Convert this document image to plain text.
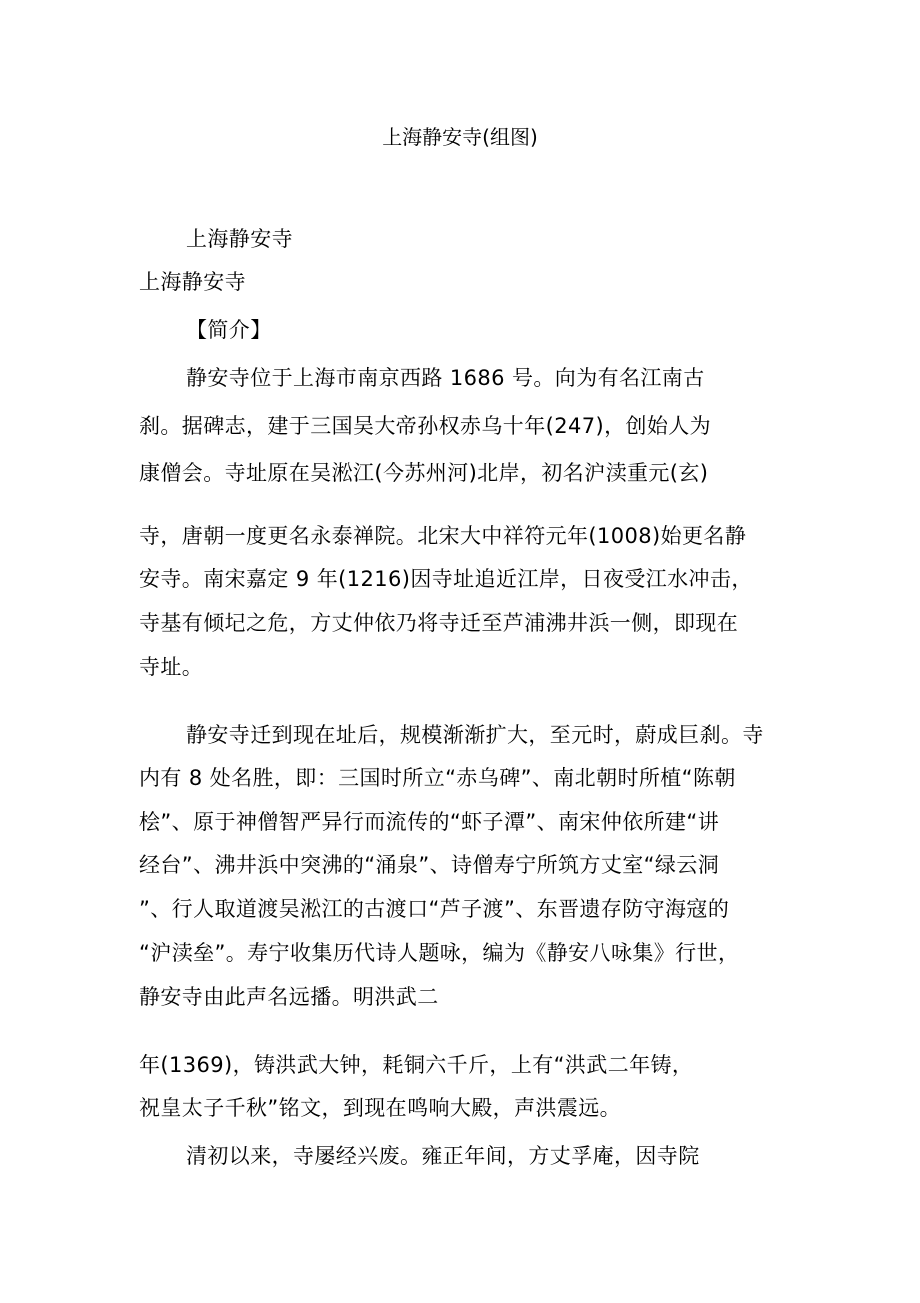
上海静安寺(组图)
上海静安寺
上海静安寺
【简介】
静安寺位于上海市南京西路 1686 号。向为有名江南古
刹。据碑志，建于三国吴大帝孙权赤乌十年(247)，创始人为
康僧会。寺址原在吴淞江(今苏州河)北岸，初名沪渎重元(玄)
寺，唐朝一度更名永泰禅院。北宋大中祥符元年(1008)始更名静
安寺。南宋嘉定 9 年(1216)因寺址追近江岸，日夜受江水冲击，
寺基有倾圮之危，方丈仲依乃将寺迁至芦浦沸井浜一侧，即现在
寺址。
静安寺迁到现在址后，规模渐渐扩大，至元时，蔚成巨刹。寺
内有 8 处名胜，即：三国时所立“赤乌碑”、南北朝时所植“陈朝
桧”、原于神僧智严异行而流传的“虾子潭”、南宋仲依所建“讲
经台”、沸井浜中突沸的“涌泉”、诗僧寿宁所筑方丈室“绿云洞
”、行人取道渡吴淞江的古渡口“芦子渡”、东晋遗存防守海寇的
“沪渎垒”。寿宁收集历代诗人题咏，编为《静安八咏集》行世，
静安寺由此声名远播。明洪武二
年(1369)，铸洪武大钟，耗铜六千斤，上有“洪武二年铸，
祝皇太子千秋”铭文，到现在鸣响大殿，声洪震远。
清初以来，寺屡经兴废。雍正年间，方丈孚庵，因寺院
